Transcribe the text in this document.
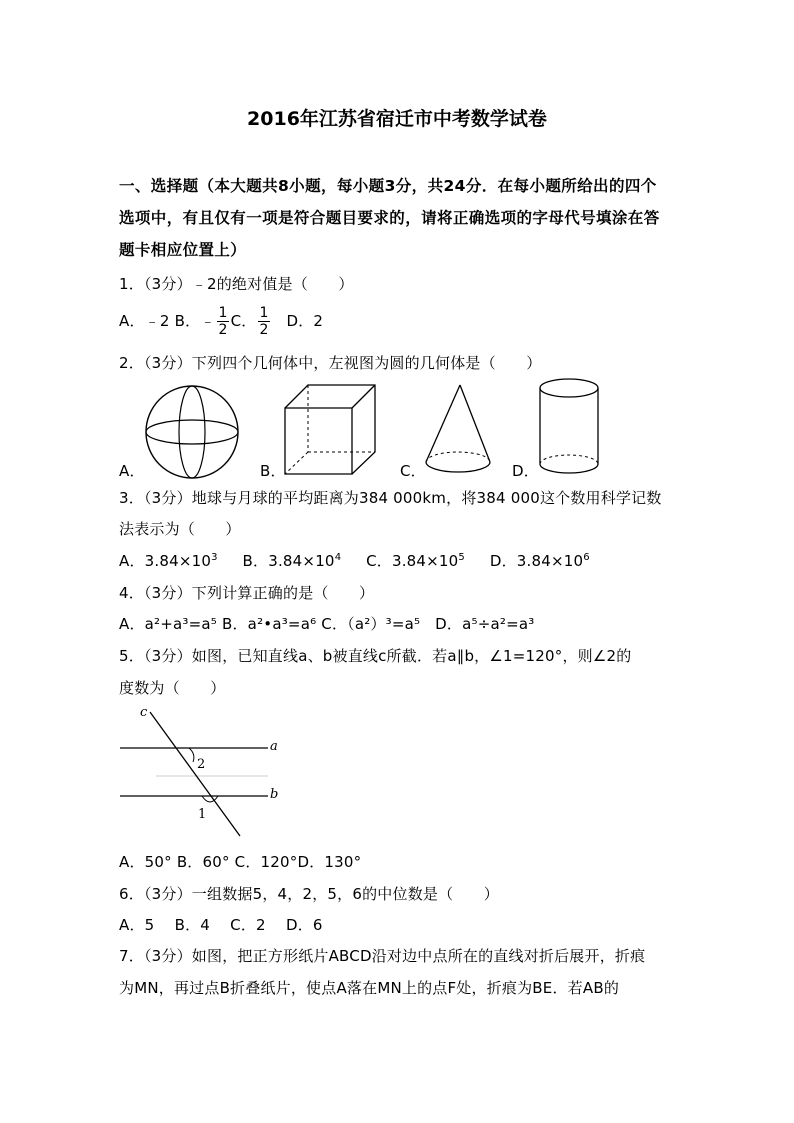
2016年江苏省宿迁市中考数学试卷
一、选择题（本大题共8小题，每小题3分，共24分．在每小题所给出的四个
选项中，有且仅有一项是符合题目要求的，请将正确选项的字母代号填涂在答
题卡相应位置上）
1．（3分）﹣2的绝对值是（　　）
A．﹣2 B．﹣ $\frac{1}{2}$ C． $\frac{1}{2}$ D．2
2．（3分）下列四个几何体中，左视图为圆的几何体是（　　）
A．	B．	C．	D．
3．（3分）地球与月球的平均距离为384 000km，将384 000这个数用科学记数
法表示为（　　）
A．$3.84\times 10^3$ B．$3.84\times 10^4$ C．$3.84\times 10^5$ D．$3.84\times 10^6$
4．（3分）下列计算正确的是（　　）
A．a²+a³=a⁵ B．a²•a³=a⁶ C．（a²）³=a⁵ D．a⁵÷a²=a³
5．（3分）如图，已知直线a、b被直线c所截．若a∥b，∠1=120°，则∠2的
度数为（　　）
c
a
b
2
1
A．50° B．60° C．120°D．130°
6．（3分）一组数据5，4，2，5，6的中位数是（　　）
A．5　 B．4　 C．2　 D．6
7．（3分）如图，把正方形纸片ABCD沿对边中点所在的直线对折后展开，折痕
为MN，再过点B折叠纸片，使点A落在MN上的点F处，折痕为BE．若AB的
